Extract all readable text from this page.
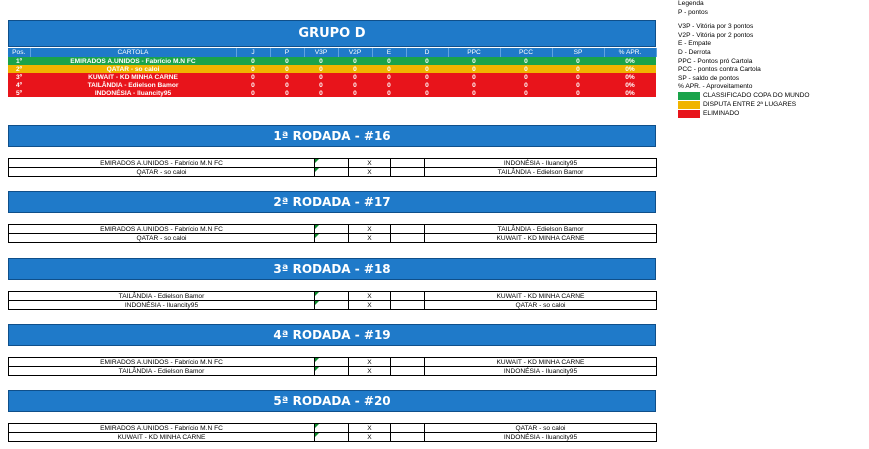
GRUPO D
Pos.	CARTOLA	J	P	V3P	V2P	E	D	PPC	PCC	SP	% APR.
1º	EMIRADOS A.UNIDOS - Fabrício M.N FC	0	0	0	0	0	0	0	0	0	0%
2º	QATAR - so caloi	0	0	0	0	0	0	0	0	0	0%
3º	KUWAIT - KD MINHA CARNE	0	0	0	0	0	0	0	0	0	0%
4º	TAILÂNDIA - Edielson Bamor	0	0	0	0	0	0	0	0	0	0%
5º	INDONÉSIA - Iluancity95	0	0	0	0	0	0	0	0	0	0%
1ª RODADA - #16
EMIRADOS A.UNIDOS - Fabrício M.N FC		X		INDONÉSIA - Iluancity95
QATAR - so caloi		X		TAILÂNDIA - Edielson Bamor
2ª RODADA - #17
EMIRADOS A.UNIDOS - Fabrício M.N FC		X		TAILÂNDIA - Edielson Bamor
QATAR - so caloi		X		KUWAIT - KD MINHA CARNE
3ª RODADA - #18
TAILÂNDIA - Edielson Bamor		X		KUWAIT - KD MINHA CARNE
INDONÉSIA - Iluancity95		X		QATAR - so caloi
4ª RODADA - #19
EMIRADOS A.UNIDOS - Fabrício M.N FC		X		KUWAIT - KD MINHA CARNE
TAILÂNDIA - Edielson Bamor		X		INDONÉSIA - Iluancity95
5ª RODADA - #20
EMIRADOS A.UNIDOS - Fabrício M.N FC		X		QATAR - so caloi
KUWAIT - KD MINHA CARNE		X		INDONÉSIA - Iluancity95
Legenda
P - pontos
V3P - Vitória por 3 pontos
V2P - Vitória por 2 pontos
E - Empate
D - Derrota
PPC - Pontos pró Cartola
PCC - pontos contra Cartola
SP - saldo de pontos
% APR. - Aproveitamento
CLASSIFICADO COPA DO MUNDO
DISPUTA ENTRE 2ª LUGARES
ELIMINADO
